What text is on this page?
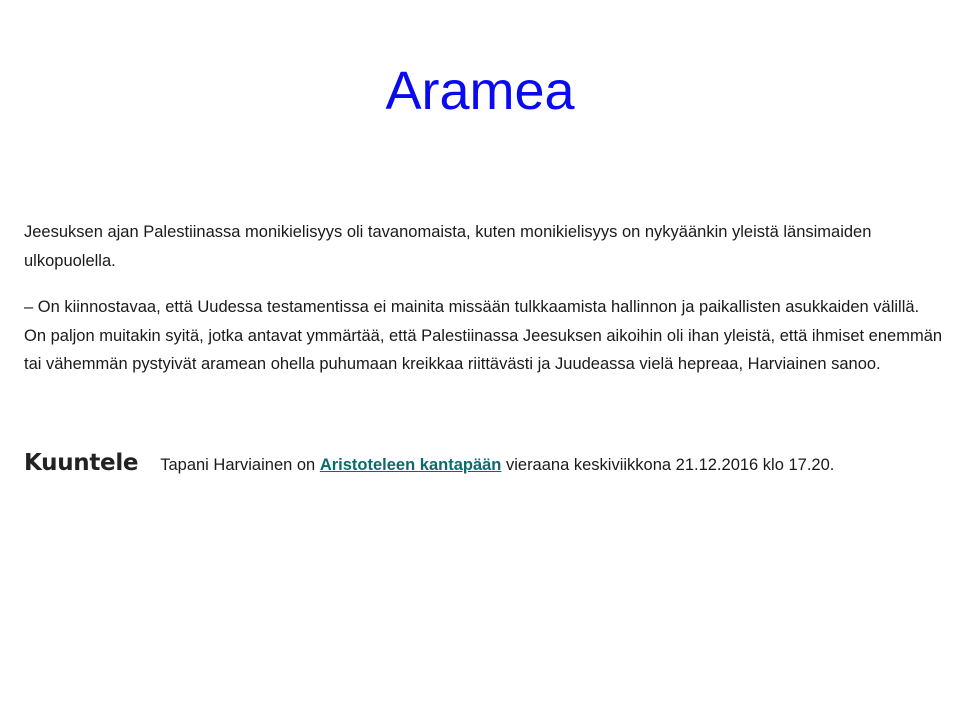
Aramea

Jeesuksen ajan Palestiinassa monikielisyys oli tavanomaista, kuten monikielisyys on nykyäänkin yleistä länsimaiden ulkopuolella.

– On kiinnostavaa, että Uudessa testamentissa ei mainita missään tulkkaamista hallinnon ja paikallisten asukkaiden välillä. On paljon muitakin syitä, jotka antavat ymmärtää, että Palestiinassa Jeesuksen aikoihin oli ihan yleistä, että ihmiset enemmän tai vähemmän pystyivät aramean ohella puhumaan kreikkaa riittävästi ja Juudeassa vielä hepreaa, Harviainen sanoo.

Kuuntele Tapani Harviainen on Aristoteleen kantapään vieraana keskiviikkona 21.12.2016 klo 17.20.
